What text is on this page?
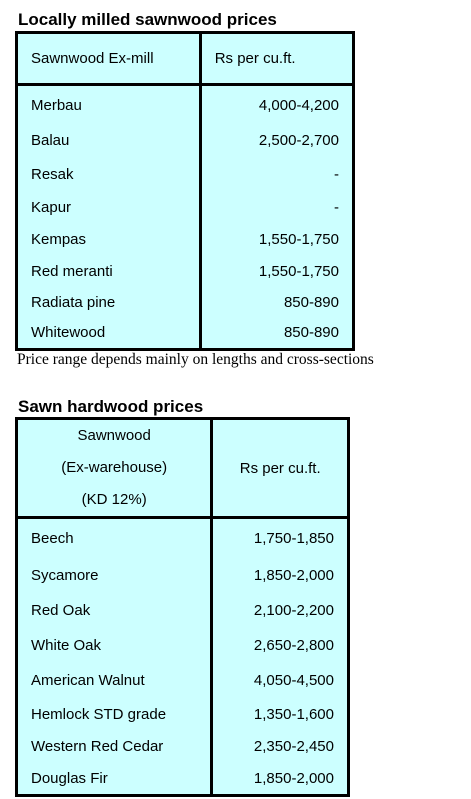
Locally milled sawnwood prices
Sawnwood Ex-mill	Rs per cu.ft.
Merbau	4,000-4,200
Balau	2,500-2,700
Resak	-
Kapur	-
Kempas	1,550-1,750
Red meranti	1,550-1,750
Radiata pine	850-890
Whitewood	850-890

Price range depends mainly on lengths and cross-sections

Sawn hardwood prices
Sawnwood
(Ex-warehouse)
(KD 12%)	Rs per cu.ft.
Beech	1,750-1,850
Sycamore	1,850-2,000
Red Oak	2,100-2,200
White Oak	2,650-2,800
American Walnut	4,050-4,500
Hemlock STD grade	1,350-1,600
Western Red Cedar	2,350-2,450
Douglas Fir	1,850-2,000
